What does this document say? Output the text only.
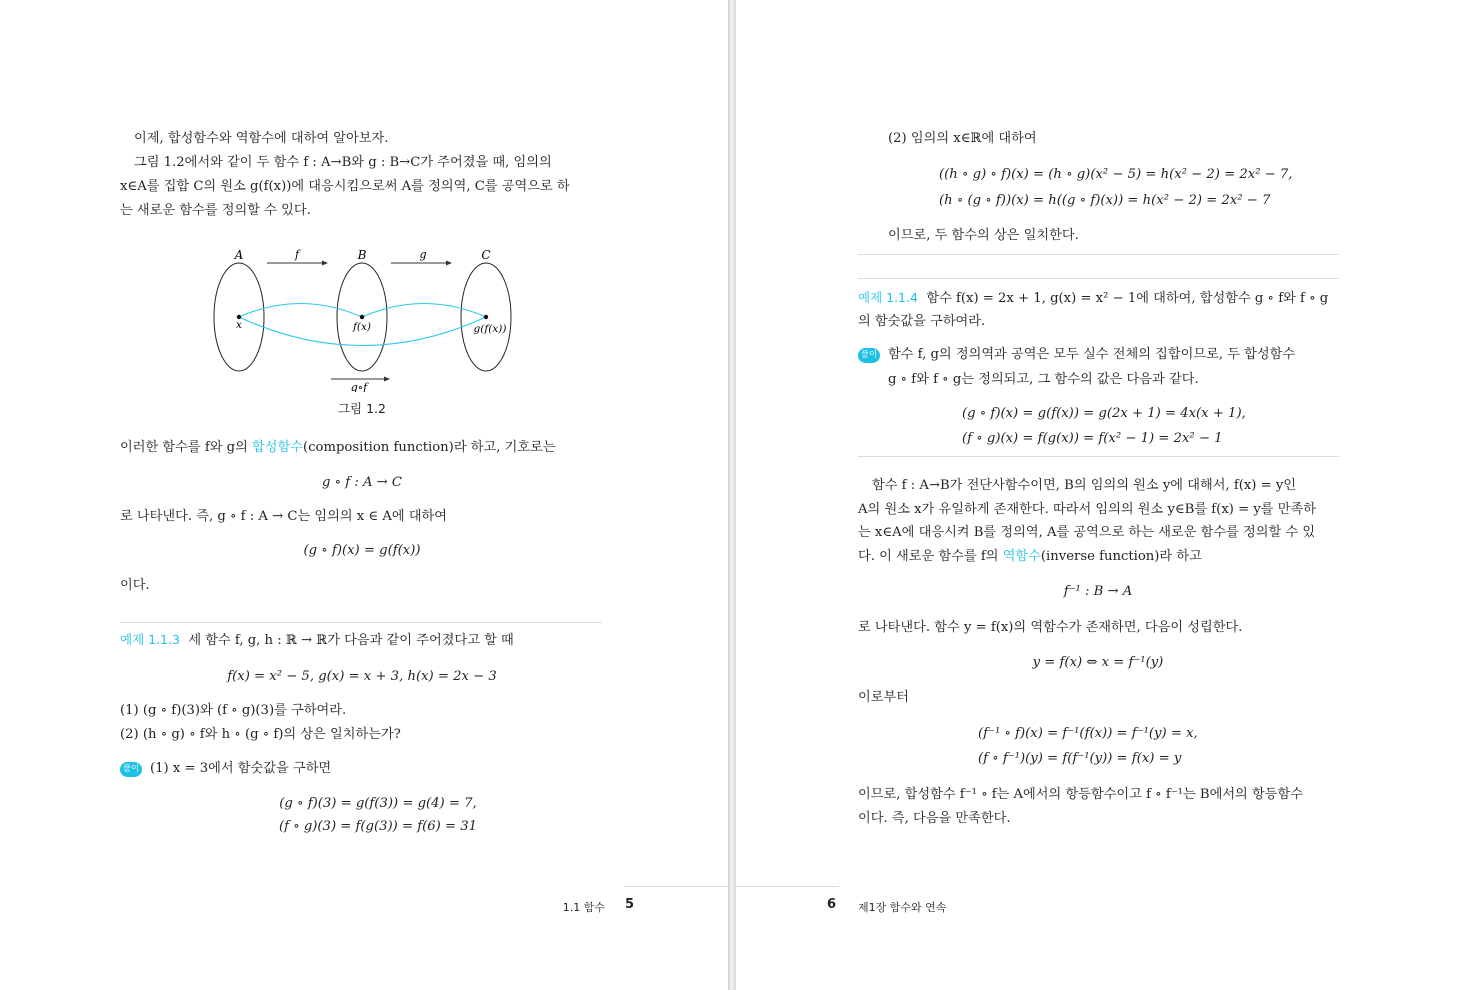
이제, 합성함수와 역함수에 대하여 알아보자.
그림 1.2에서와 같이 두 함수 f : A→B와 g : B→C가 주어졌을 때, 임의의
x∈A를 집합 C의 원소 g(f(x))에 대응시킴으로써 A를 정의역, C를 공역으로 하
는 새로운 함수를 정의할 수 있다.
A	B	C
f	g
x	f(x)	g(f(x))
g∘f
그림 1.2
이러한 함수를 f와 g의 합성함수(composition function)라 하고, 기호로는
g ∘ f : A → C
로 나타낸다. 즉, g ∘ f : A → C는 임의의 x ∈ A에 대하여
(g ∘ f)(x) = g(f(x))
이다.
예제 1.1.3 세 함수 f, g, h : ℝ → ℝ가 다음과 같이 주어졌다고 할 때
f(x) = x² − 5, g(x) = x + 3, h(x) = 2x − 3
(1) (g ∘ f)(3)와 (f ∘ g)(3)를 구하여라.
(2) (h ∘ g) ∘ f와 h ∘ (g ∘ f)의 상은 일치하는가?
풀이 (1) x = 3에서 함숫값을 구하면
(g ∘ f)(3) = g(f(3)) = g(4) = 7,
(f ∘ g)(3) = f(g(3)) = f(6) = 31
1.1 함수 5
(2) 임의의 x∈ℝ에 대하여
((h ∘ g) ∘ f)(x) = (h ∘ g)(x² − 5) = h(x² − 2) = 2x² − 7,
(h ∘ (g ∘ f))(x) = h((g ∘ f)(x)) = h(x² − 2) = 2x² − 7
이므로, 두 함수의 상은 일치한다.
예제 1.1.4 함수 f(x) = 2x + 1, g(x) = x² − 1에 대하여, 합성함수 g ∘ f와 f ∘ g
의 함숫값을 구하여라.
풀이 함수 f, g의 정의역과 공역은 모두 실수 전체의 집합이므로, 두 합성함수
g ∘ f와 f ∘ g는 정의되고, 그 함수의 값은 다음과 같다.
(g ∘ f)(x) = g(f(x)) = g(2x + 1) = 4x(x + 1),
(f ∘ g)(x) = f(g(x)) = f(x² − 1) = 2x² − 1
함수 f : A→B가 전단사함수이면, B의 임의의 원소 y에 대해서, f(x) = y인
A의 원소 x가 유일하게 존재한다. 따라서 임의의 원소 y∈B를 f(x) = y를 만족하
는 x∈A에 대응시켜 B를 정의역, A를 공역으로 하는 새로운 함수를 정의할 수 있
다. 이 새로운 함수를 f의 역함수(inverse function)라 하고
f⁻¹ : B → A
로 나타낸다. 함수 y = f(x)의 역함수가 존재하면, 다음이 성립한다.
y = f(x) ⇔ x = f⁻¹(y)
이로부터
(f⁻¹ ∘ f)(x) = f⁻¹(f(x)) = f⁻¹(y) = x,
(f ∘ f⁻¹)(y) = f(f⁻¹(y)) = f(x) = y
이므로, 합성함수 f⁻¹ ∘ f는 A에서의 항등함수이고 f ∘ f⁻¹는 B에서의 항등함수
이다. 즉, 다음을 만족한다.
6 제1장 함수와 연속
